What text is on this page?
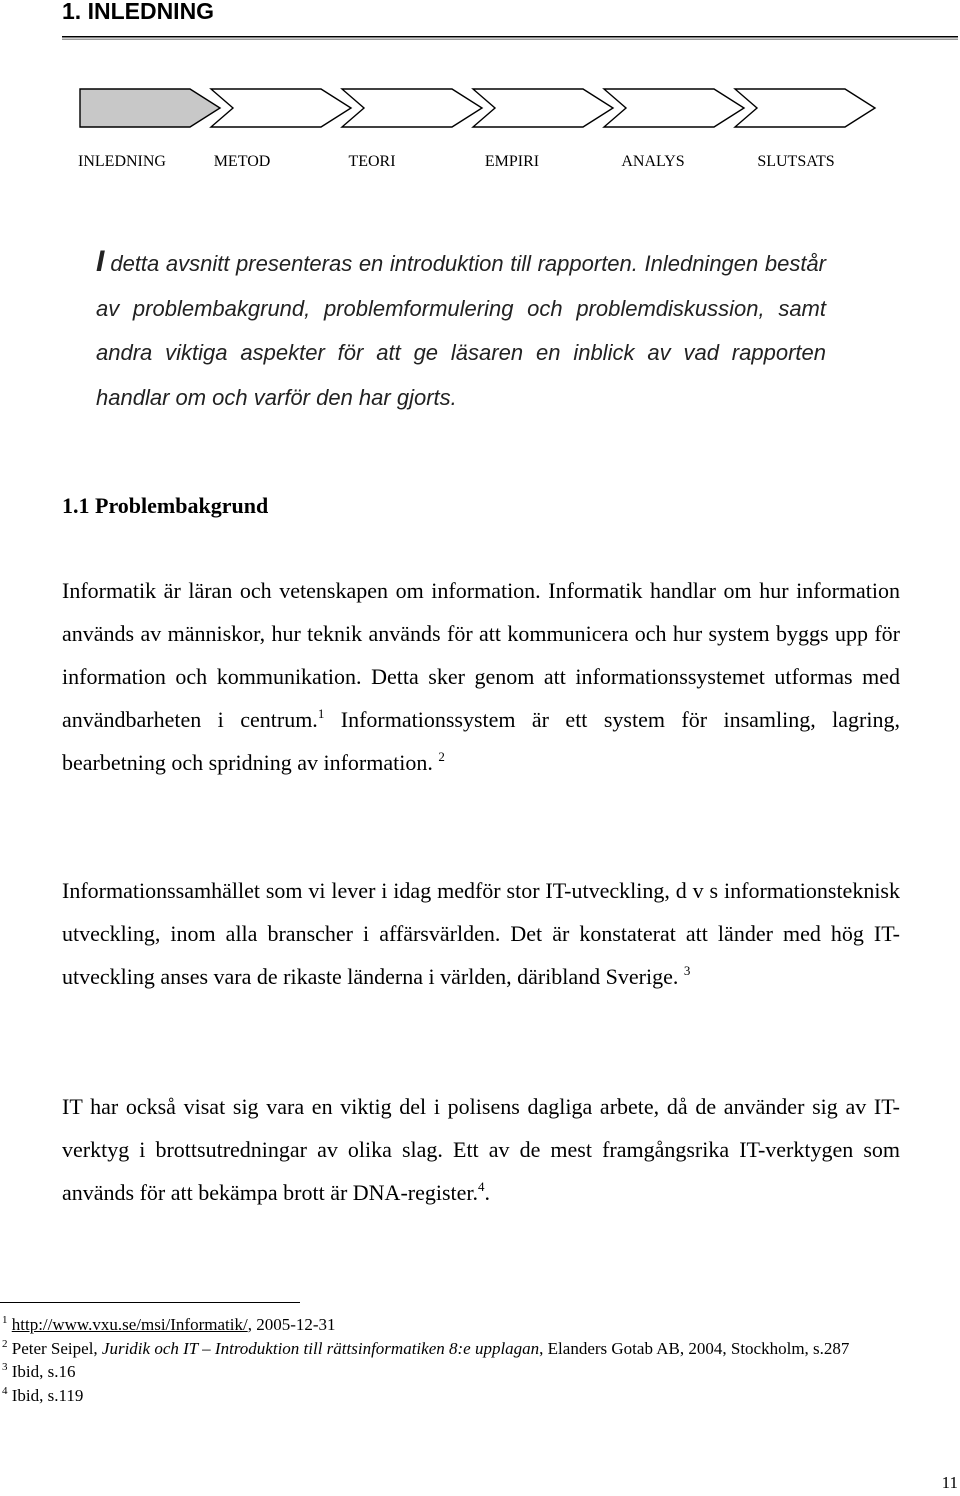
1. INLEDNING
INLEDNING	METOD	TEORI	EMPIRI	ANALYS	SLUTSATS
I detta avsnitt presenteras en introduktion till rapporten. Inledningen består av problembakgrund, problemformulering och problemdiskussion, samt andra viktiga aspekter för att ge läsaren en inblick av vad rapporten handlar om och varför den har gjorts.
1.1 Problembakgrund
Informatik är läran och vetenskapen om information. Informatik handlar om hur information används av människor, hur teknik används för att kommunicera och hur system byggs upp för information och kommunikation. Detta sker genom att informationssystemet utformas med användbarheten i centrum.$^1$ Informationssystem är ett system för insamling, lagring, bearbetning och spridning av information. $^2$
Informationssamhället som vi lever i idag medför stor IT-utveckling, d v s informationsteknisk utveckling, inom alla branscher i affärsvärlden. Det är konstaterat att länder med hög IT-utveckling anses vara de rikaste länderna i världen, däribland Sverige. $^3$
IT har också visat sig vara en viktig del i polisens dagliga arbete, då de använder sig av IT-verktyg i brottsutredningar av olika slag. Ett av de mest framgångsrika IT-verktygen som används för att bekämpa brott är DNA-register.$^4$.
$^1$ http://www.vxu.se/msi/Informatik/, 2005-12-31
$^2$ Peter Seipel, Juridik och IT – Introduktion till rättsinformatiken 8:e upplagan, Elanders Gotab AB, 2004, Stockholm, s.287
$^3$ Ibid, s.16
$^4$ Ibid, s.119
11
